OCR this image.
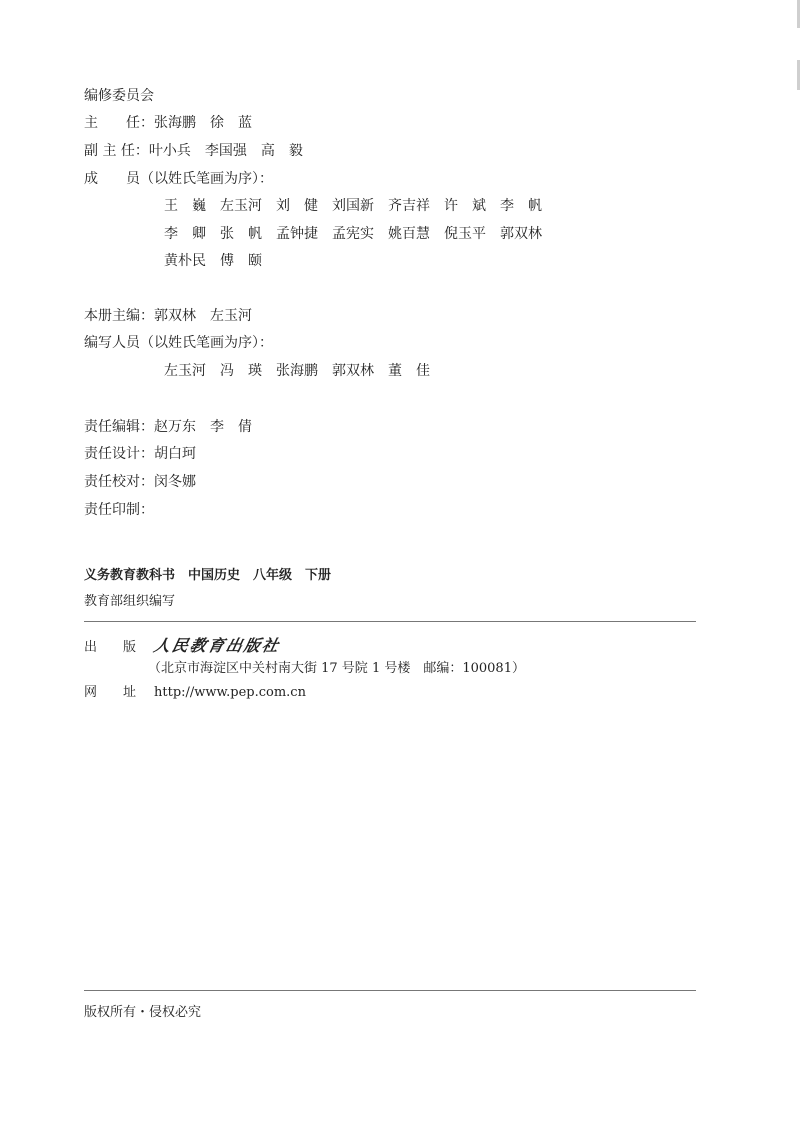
编修委员会
主　　任：张海鹏　徐　蓝
副 主 任：叶小兵　李国强　高　毅
成　　员（以姓氏笔画为序）：
王　巍　左玉河　刘　健　刘国新　齐吉祥　许　斌　李　帆
李　卿　张　帆　孟钟捷　孟宪实　姚百慧　倪玉平　郭双林
黄朴民　傅　颐
本册主编：郭双林　左玉河
编写人员（以姓氏笔画为序）：
左玉河　冯　瑛　张海鹏　郭双林　董　佳
责任编辑：赵万东　李　倩
责任设计：胡白珂
责任校对：闵冬娜
责任印制：
义务教育教科书　中国历史　八年级　下册
教育部组织编写
出　　版 人民教育出版社
（北京市海淀区中关村南大街 17 号院 1 号楼　邮编：100081）
网　　址 http://www.pep.com.cn
版权所有・侵权必究
